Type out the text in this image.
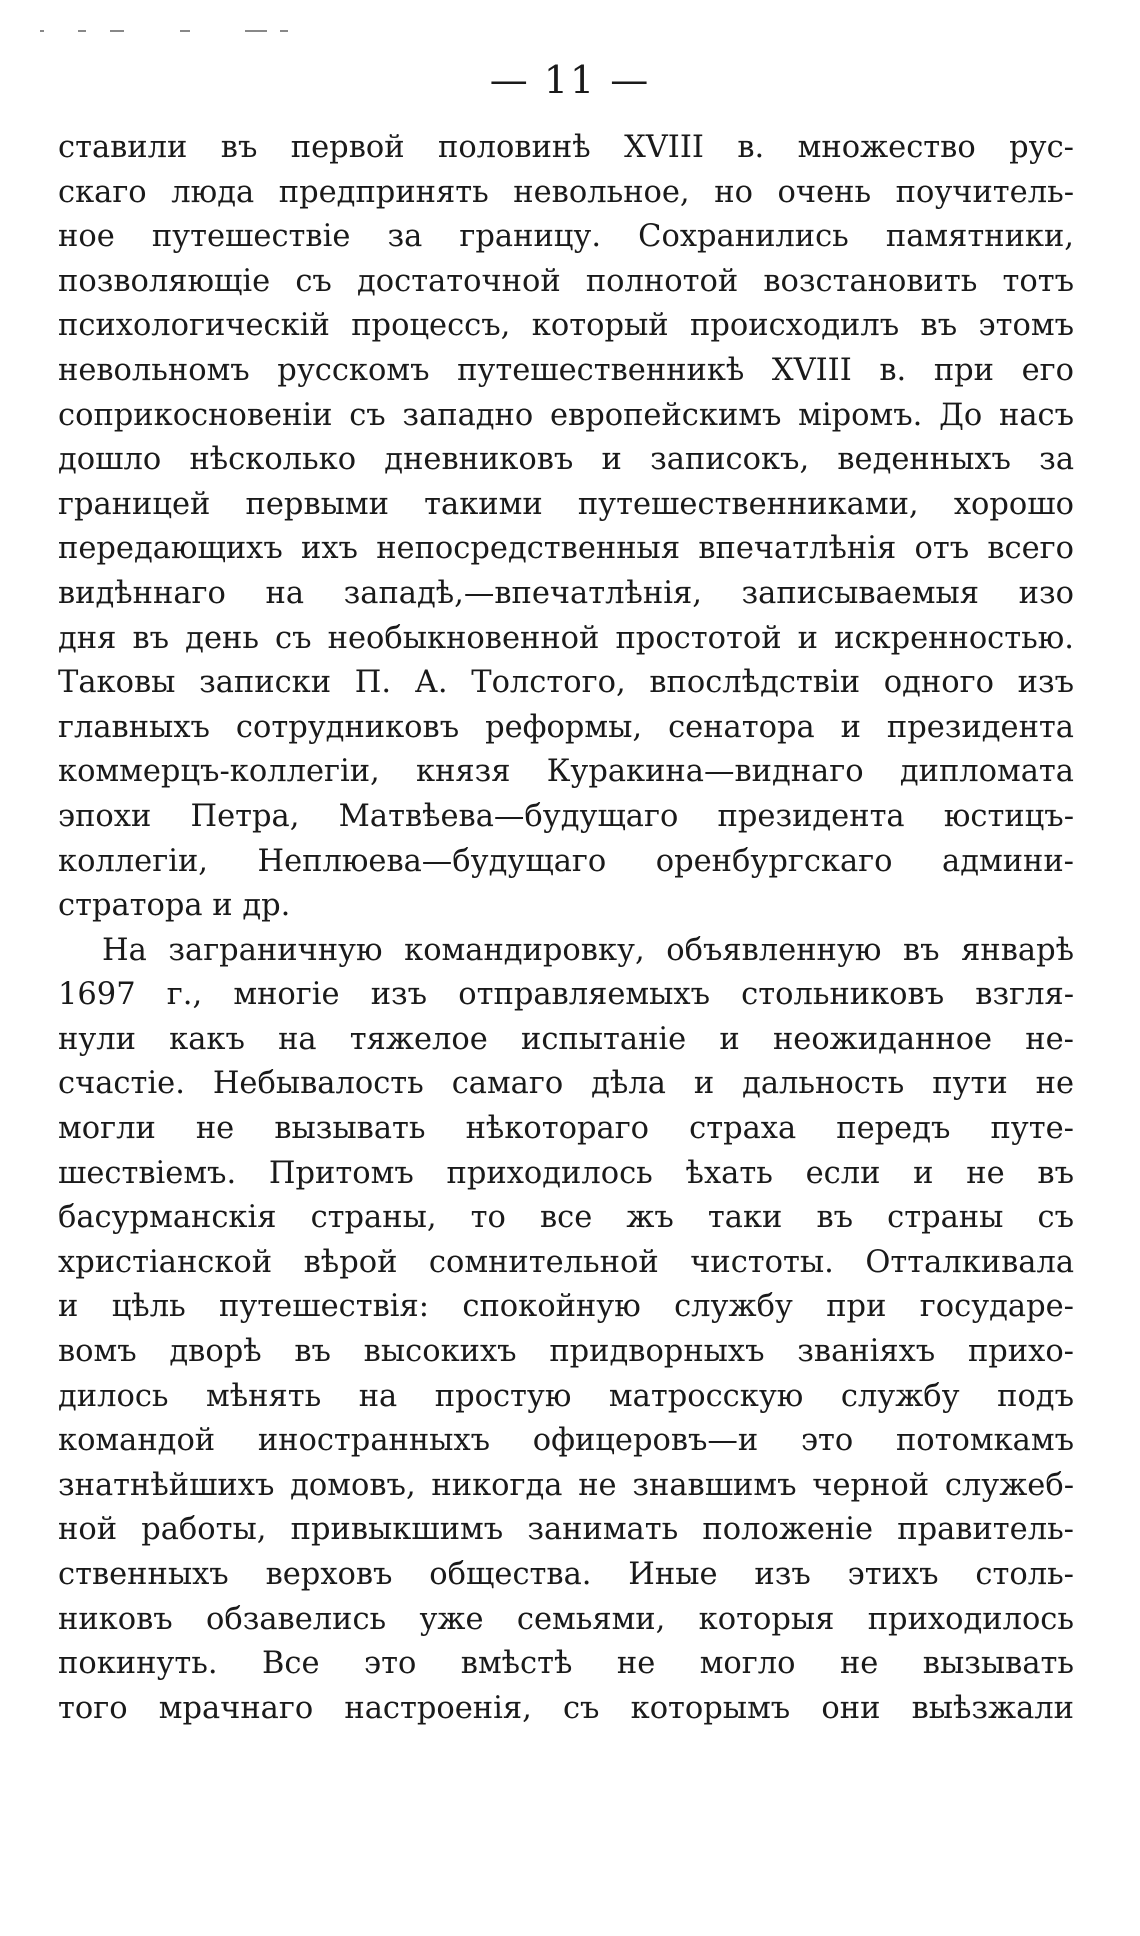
— 11 —

ставили въ первой половинѣ XVIII в. множество рус-
скаго люда предпринять невольное, но очень поучитель-
ное путешествіе за границу. Сохранились памятники,
позволяющіе съ достаточной полнотой возстановить тотъ
психологическій процессъ, который происходилъ въ этомъ
невольномъ русскомъ путешественникѣ XVIII в. при его
соприкосновеніи съ западно европейскимъ міромъ. До насъ
дошло нѣсколько дневниковъ и записокъ, веденныхъ за
границей первыми такими путешественниками, хорошо
передающихъ ихъ непосредственныя впечатлѣнія отъ всего
видѣннаго на западѣ,—впечатлѣнія, записываемыя изо
дня въ день съ необыкновенной простотой и искренностью.
Таковы записки П. А. Толстого, впослѣдствіи одного изъ
главныхъ сотрудниковъ реформы, сенатора и президента
коммерцъ-коллегіи, князя Куракина—виднаго дипломата
эпохи Петра, Матвѣева—будущаго президента юстицъ-
коллегіи, Неплюева—будущаго оренбургскаго админи-
стратора и др.

На заграничную командировку, объявленную въ январѣ
1697 г., многіе изъ отправляемыхъ стольниковъ взгля-
нули какъ на тяжелое испытаніе и неожиданное не-
счастіе. Небывалость самаго дѣла и дальность пути не
могли не вызывать нѣкотораго страха передъ путе-
шествіемъ. Притомъ приходилось ѣхать если и не въ
басурманскія страны, то все жъ таки въ страны съ
христіанской вѣрой сомнительной чистоты. Отталкивала
и цѣль путешествія: спокойную службу при государе-
вомъ дворѣ въ высокихъ придворныхъ званіяхъ прихо-
дилось мѣнять на простую матросскую службу подъ
командой иностранныхъ офицеровъ—и это потомкамъ
знатнѣйшихъ домовъ, никогда не знавшимъ черной служеб-
ной работы, привыкшимъ занимать положеніе правитель-
ственныхъ верховъ общества. Иные изъ этихъ столь-
никовъ обзавелись уже семьями, которыя приходилось
покинуть. Все это вмѣстѣ не могло не вызывать
того мрачнаго настроенія, съ которымъ они выѣзжали
